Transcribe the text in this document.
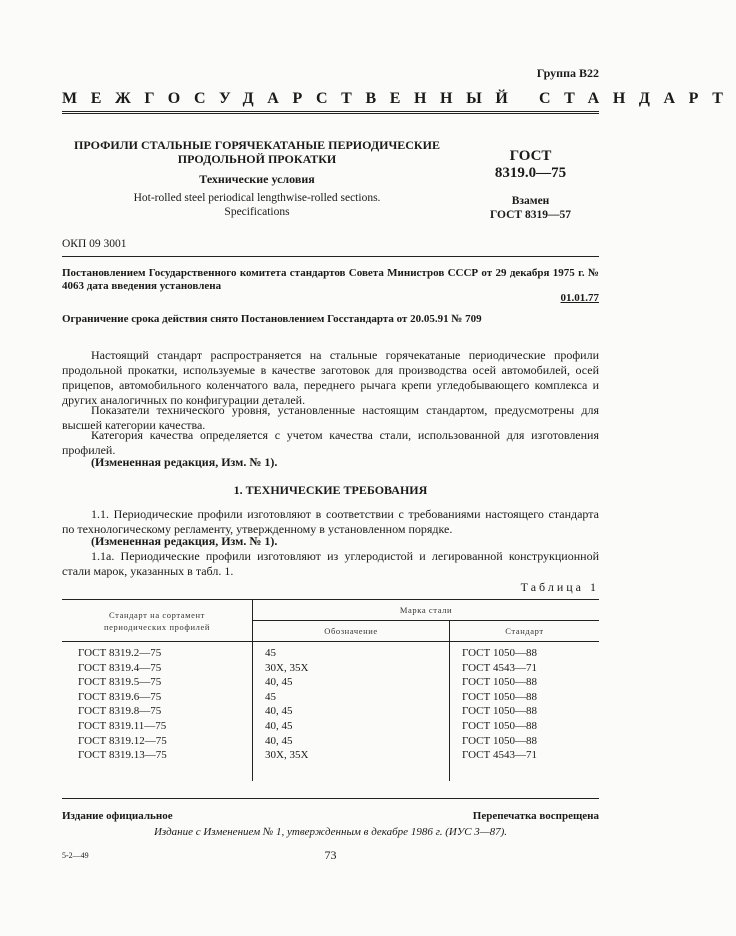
Группа В22
МЕЖГОСУДАРСТВЕННЫЙ СТАНДАРТ
ПРОФИЛИ СТАЛЬНЫЕ ГОРЯЧЕКАТАНЫЕ ПЕРИОДИЧЕСКИЕ
ПРОДОЛЬНОЙ ПРОКАТКИ
Технические условия
Hot-rolled steel periodical lengthwise-rolled sections.
Specifications
ГОСТ
8319.0—75
Взамен
ГОСТ 8319—57
ОКП 09 3001
Постановлением Государственного комитета стандартов Совета Министров СССР от 29 декабря 1975 г. № 4063 дата введения установлена
01.01.77
Ограничение срока действия снято Постановлением Госстандарта от 20.05.91 № 709

Настоящий стандарт распространяется на стальные горячекатаные периодические профили продольной прокатки, используемые в качестве заготовок для производства осей автомобилей, осей прицепов, автомобильного коленчатого вала, переднего рычага крепи угледобывающего комплекса и других аналогичных по конфигурации деталей.

Показатели технического уровня, установленные настоящим стандартом, предусмотрены для высшей категории качества.

Категория качества определяется с учетом качества стали, использованной для изготовления профилей.

(Измененная редакция, Изм. № 1).

1. ТЕХНИЧЕСКИЕ ТРЕБОВАНИЯ

1.1. Периодические профили изготовляют в соответствии с требованиями настоящего стандарта по технологическому регламенту, утвержденному в установленном порядке.

(Измененная редакция, Изм. № 1).

1.1а. Периодические профили изготовляют из углеродистой и легированной конструкционной стали марок, указанных в табл. 1.

Таблица 1
Стандарт на сортамент
периодических профилей	Марка стали	
	Обозначение	Стандарт
ГОСТ 8319.2—75	45	ГОСТ 1050—88
ГОСТ 8319.4—75	30Х, 35Х	ГОСТ 4543—71
ГОСТ 8319.5—75	40, 45	ГОСТ 1050—88
ГОСТ 8319.6—75	45	ГОСТ 1050—88
ГОСТ 8319.8—75	40, 45	ГОСТ 1050—88
ГОСТ 8319.11—75	40, 45	ГОСТ 1050—88
ГОСТ 8319.12—75	40, 45	ГОСТ 1050—88
ГОСТ 8319.13—75	30Х, 35Х	ГОСТ 4543—71

Издание официальное	Перепечатка воспрещена
Издание с Изменением № 1, утвержденным в декабре 1986 г. (ИУС 3—87).
73
5-2—49
